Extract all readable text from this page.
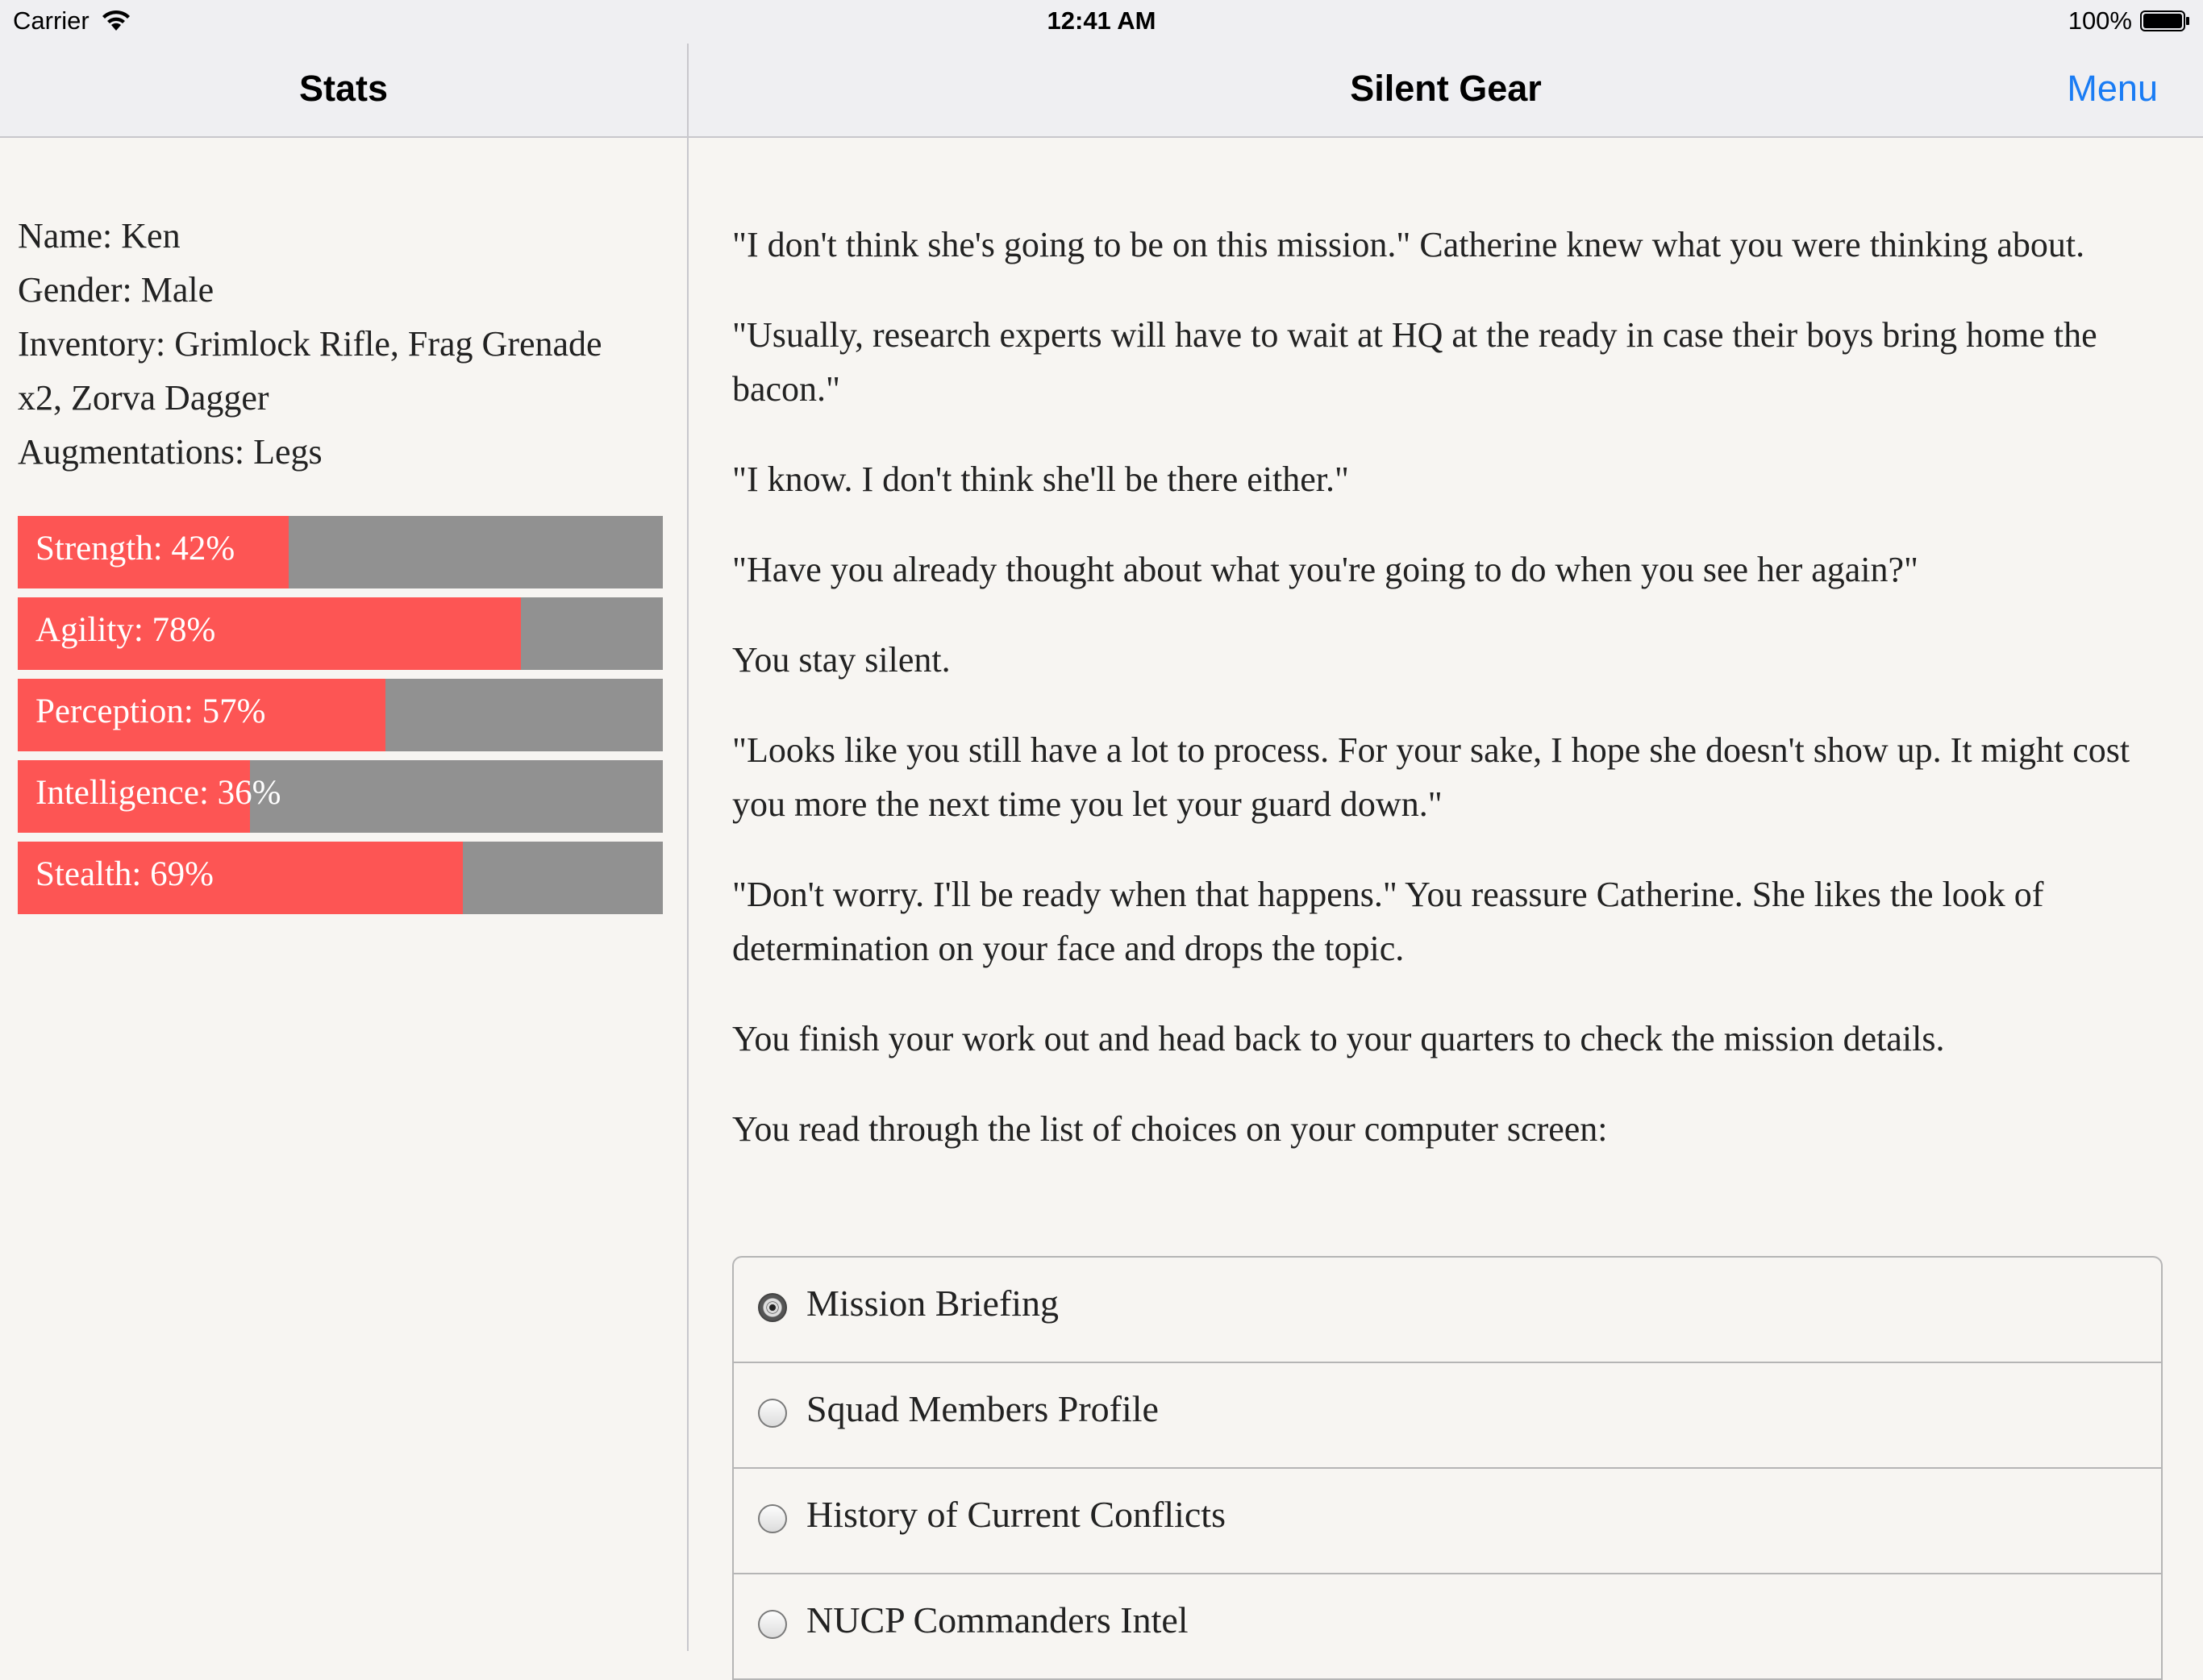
Carrier	12:41 AM	100%
Stats	Silent Gear	Menu
Name: Ken
Gender: Male
Inventory: Grimlock Rifle, Frag Grenade
x2, Zorva Dagger
Augmentations: Legs
Strength: 42%
Agility: 78%
Perception: 57%
Intelligence: 36%
Stealth: 69%

"I don't think she's going to be on this mission." Catherine knew what you were thinking about.

"Usually, research experts will have to wait at HQ at the ready in case their boys bring home the bacon."

"I know. I don't think she'll be there either."

"Have you already thought about what you're going to do when you see her again?"

You stay silent.

"Looks like you still have a lot to process. For your sake, I hope she doesn't show up. It might cost you more the next time you let your guard down."

"Don't worry. I'll be ready when that happens." You reassure Catherine. She likes the look of determination on your face and drops the topic.

You finish your work out and head back to your quarters to check the mission details.

You read through the list of choices on your computer screen:

Mission Briefing
Squad Members Profile
History of Current Conflicts
NUCP Commanders Intel
